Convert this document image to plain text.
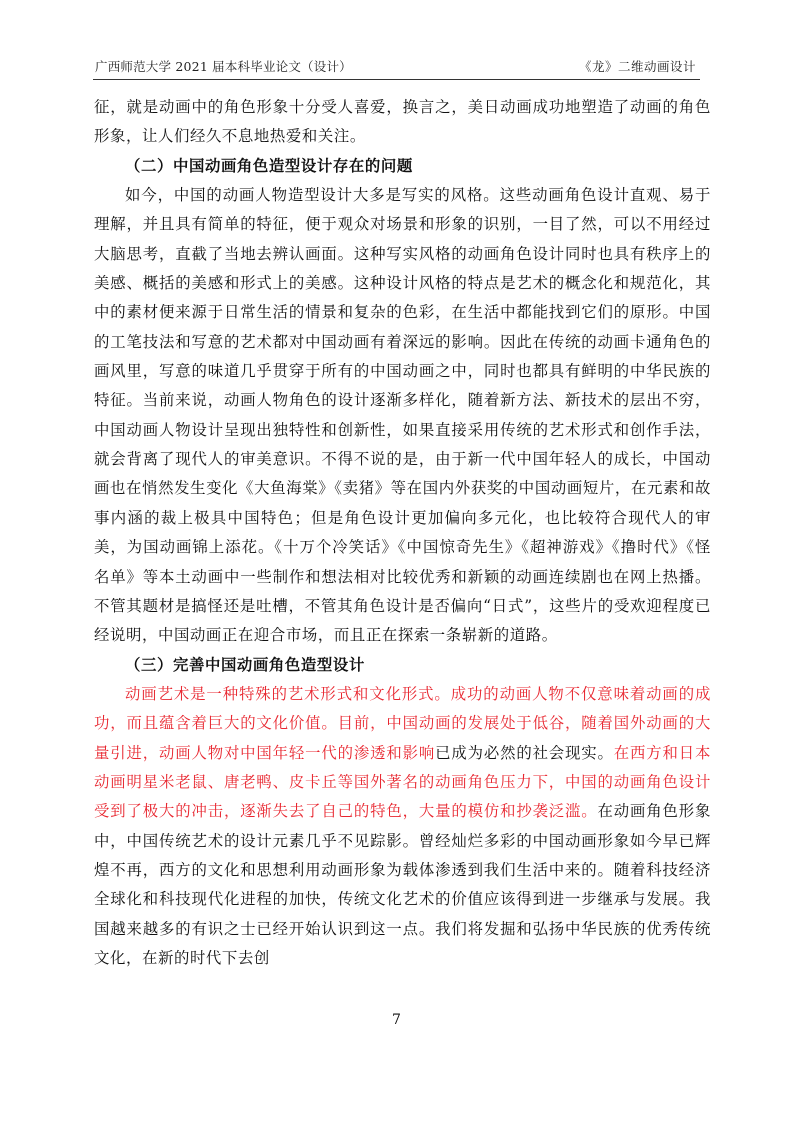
广西师范大学 2021 届本科毕业论文（设计）	《龙》二维动画设计

征，就是动画中的角色形象十分受人喜爱，换言之，美日动画成功地塑造了动画的角色形象，让人们经久不息地热爱和关注。

（二）中国动画角色造型设计存在的问题

如今，中国的动画人物造型设计大多是写实的风格。这些动画角色设计直观、易于理解，并且具有简单的特征，便于观众对场景和形象的识别，一目了然，可以不用经过大脑思考，直截了当地去辨认画面。这种写实风格的动画角色设计同时也具有秩序上的美感、概括的美感和形式上的美感。这种设计风格的特点是艺术的概念化和规范化，其中的素材便来源于日常生活的情景和复杂的色彩，在生活中都能找到它们的原形。中国的工笔技法和写意的艺术都对中国动画有着深远的影响。因此在传统的动画卡通角色的画风里，写意的味道几乎贯穿于所有的中国动画之中，同时也都具有鲜明的中华民族的特征。当前来说，动画人物角色的设计逐渐多样化，随着新方法、新技术的层出不穷，中国动画人物设计呈现出独特性和创新性，如果直接采用传统的艺术形式和创作手法，就会背离了现代人的审美意识。不得不说的是，由于新一代中国年轻人的成长，中国动画也在悄然发生变化《大鱼海棠》《卖猪》等在国内外获奖的中国动画短片，在元素和故事内涵的裁上极具中国特色；但是角色设计更加偏向多元化，也比较符合现代人的审美，为国动画锦上添花。《十万个冷笑话》《中国惊奇先生》《超神游戏》《撸时代》《怪名单》等本土动画中一些制作和想法相对比较优秀和新颖的动画连续剧也在网上热播。不管其题材是搞怪还是吐槽，不管其角色设计是否偏向“日式”，这些片的受欢迎程度已经说明，中国动画正在迎合市场，而且正在探索一条崭新的道路。

（三）完善中国动画角色造型设计

动画艺术是一种特殊的艺术形式和文化形式。成功的动画人物不仅意味着动画的成功，而且蕴含着巨大的文化价值。目前，中国动画的发展处于低谷，随着国外动画的大量引进，动画人物对中国年轻一代的渗透和影响已成为必然的社会现实。在西方和日本动画明星米老鼠、唐老鸭、皮卡丘等国外著名的动画角色压力下，中国的动画角色设计受到了极大的冲击，逐渐失去了自己的特色，大量的模仿和抄袭泛滥。在动画角色形象中，中国传统艺术的设计元素几乎不见踪影。曾经灿烂多彩的中国动画形象如今早已辉煌不再，西方的文化和思想利用动画形象为载体渗透到我们生活中来的。随着科技经济全球化和科技现代化进程的加快，传统文化艺术的价值应该得到进一步继承与发展。我国越来越多的有识之士已经开始认识到这一点。我们将发掘和弘扬中华民族的优秀传统文化，在新的时代下去创

7
